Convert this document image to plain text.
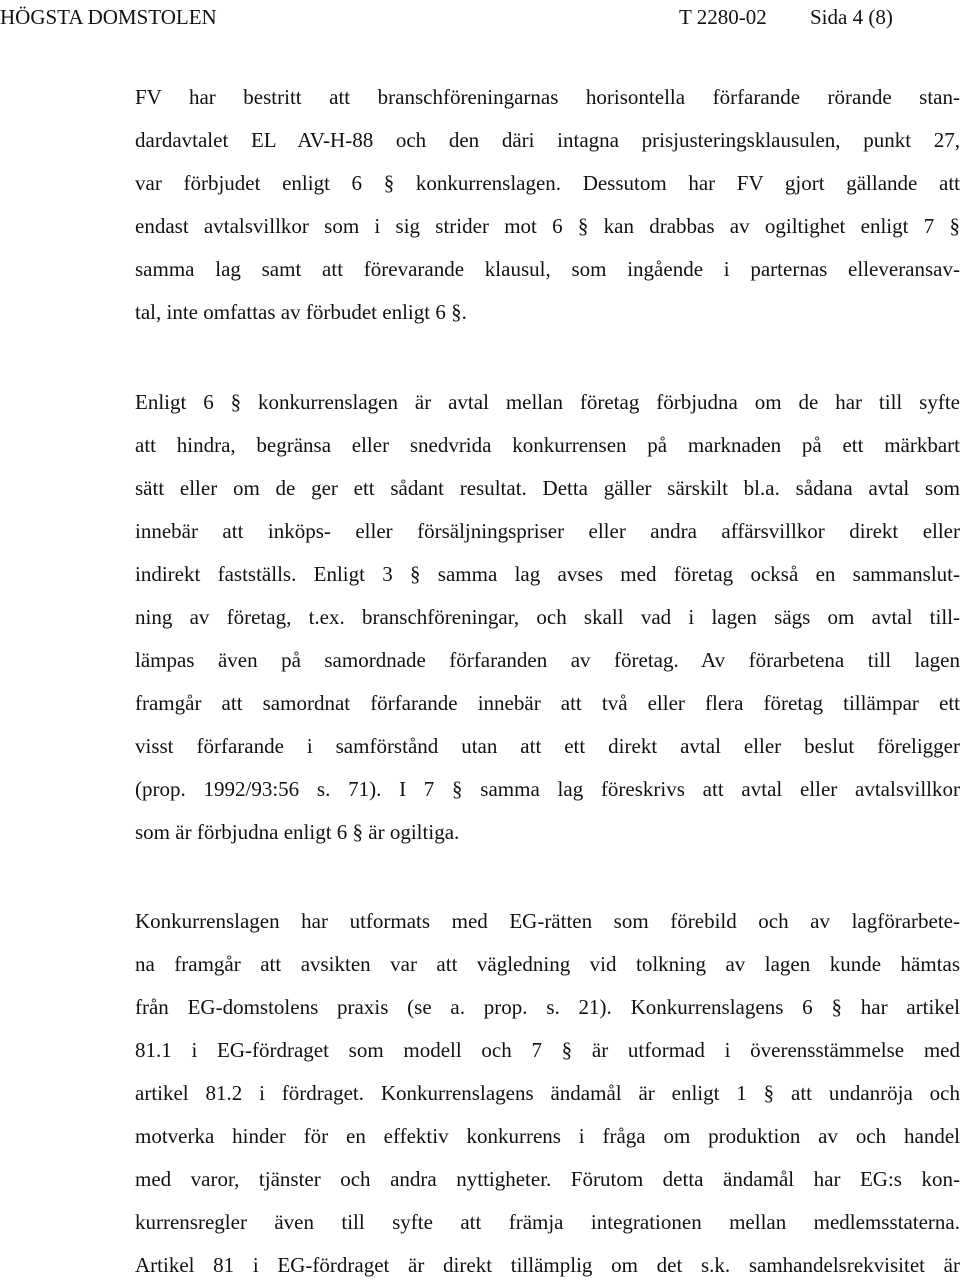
HÖGSTA DOMSTOLEN	T 2280-02 Sida 4 (8)
FV har bestritt att branschföreningarnas horisontella förfarande rörande stan-
dardavtalet EL AV-H-88 och den däri intagna prisjusteringsklausulen, punkt 27,
var förbjudet enligt 6 § konkurrenslagen. Dessutom har FV gjort gällande att
endast avtalsvillkor som i sig strider mot 6 § kan drabbas av ogiltighet enligt 7 §
samma lag samt att förevarande klausul, som ingående i parternas elleveransav-
tal, inte omfattas av förbudet enligt 6 §.
Enligt 6 § konkurrenslagen är avtal mellan företag förbjudna om de har till syfte
att hindra, begränsa eller snedvrida konkurrensen på marknaden på ett märkbart
sätt eller om de ger ett sådant resultat. Detta gäller särskilt bl.a. sådana avtal som
innebär att inköps- eller försäljningspriser eller andra affärsvillkor direkt eller
indirekt fastställs. Enligt 3 § samma lag avses med företag också en sammanslut-
ning av företag, t.ex. branschföreningar, och skall vad i lagen sägs om avtal till-
lämpas även på samordnade förfaranden av företag. Av förarbetena till lagen
framgår att samordnat förfarande innebär att två eller flera företag tillämpar ett
visst förfarande i samförstånd utan att ett direkt avtal eller beslut föreligger
(prop. 1992/93:56 s. 71). I 7 § samma lag föreskrivs att avtal eller avtalsvillkor
som är förbjudna enligt 6 § är ogiltiga.
Konkurrenslagen har utformats med EG-rätten som förebild och av lagförarbete-
na framgår att avsikten var att vägledning vid tolkning av lagen kunde hämtas
från EG-domstolens praxis (se a. prop. s. 21). Konkurrenslagens 6 § har artikel
81.1 i EG-fördraget som modell och 7 § är utformad i överensstämmelse med
artikel 81.2 i fördraget. Konkurrenslagens ändamål är enligt 1 § att undanröja och
motverka hinder för en effektiv konkurrens i fråga om produktion av och handel
med varor, tjänster och andra nyttigheter. Förutom detta ändamål har EG:s kon-
kurrensregler även till syfte att främja integrationen mellan medlemsstaterna.
Artikel 81 i EG-fördraget är direkt tillämplig om det s.k. samhandelsrekvisitet är
